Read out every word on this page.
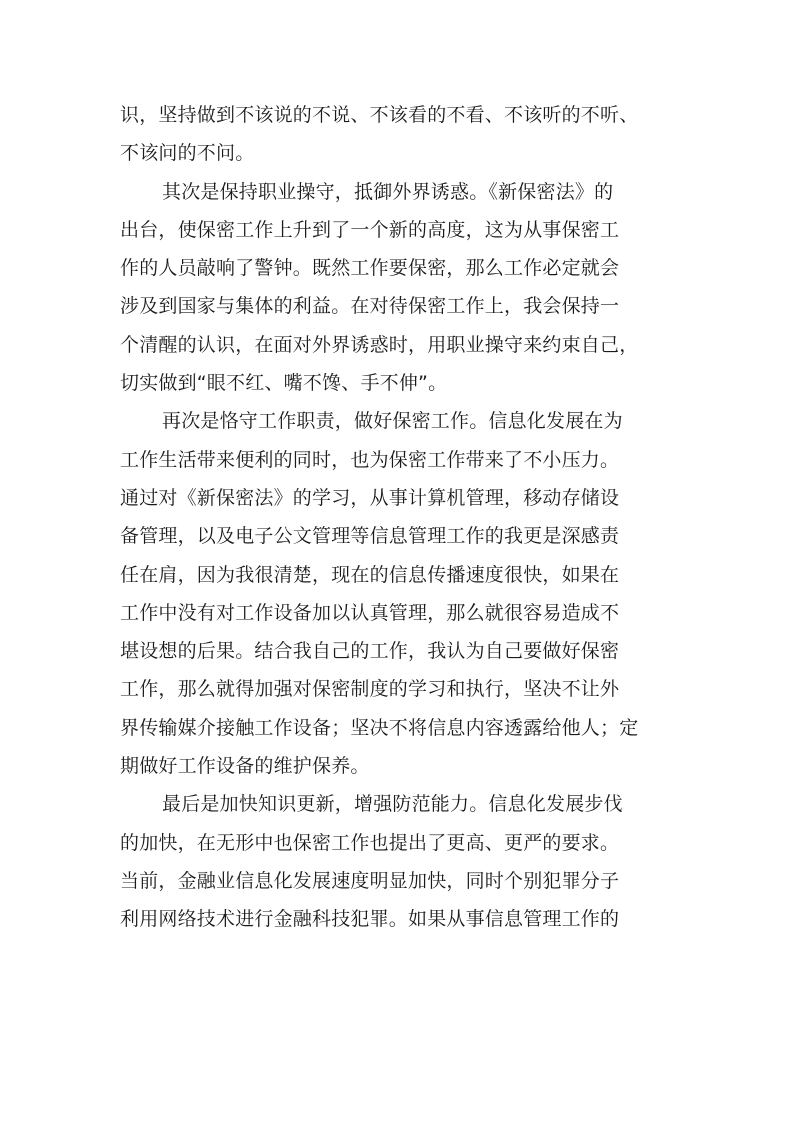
识，坚持做到不该说的不说、不该看的不看、不该听的不听、
不该问的不问。
其次是保持职业操守，抵御外界诱惑。《新保密法》的
出台，使保密工作上升到了一个新的高度，这为从事保密工
作的人员敲响了警钟。既然工作要保密，那么工作必定就会
涉及到国家与集体的利益。在对待保密工作上，我会保持一
个清醒的认识，在面对外界诱惑时，用职业操守来约束自己，
切实做到“眼不红、嘴不馋、手不伸”。
再次是恪守工作职责，做好保密工作。信息化发展在为
工作生活带来便利的同时，也为保密工作带来了不小压力。
通过对《新保密法》的学习，从事计算机管理，移动存储设
备管理，以及电子公文管理等信息管理工作的我更是深感责
任在肩，因为我很清楚，现在的信息传播速度很快，如果在
工作中没有对工作设备加以认真管理，那么就很容易造成不
堪设想的后果。结合我自己的工作，我认为自己要做好保密
工作，那么就得加强对保密制度的学习和执行，坚决不让外
界传输媒介接触工作设备；坚决不将信息内容透露给他人；定
期做好工作设备的维护保养。
最后是加快知识更新，增强防范能力。信息化发展步伐
的加快，在无形中也保密工作也提出了更高、更严的要求。
当前，金融业信息化发展速度明显加快，同时个别犯罪分子
利用网络技术进行金融科技犯罪。如果从事信息管理工作的
